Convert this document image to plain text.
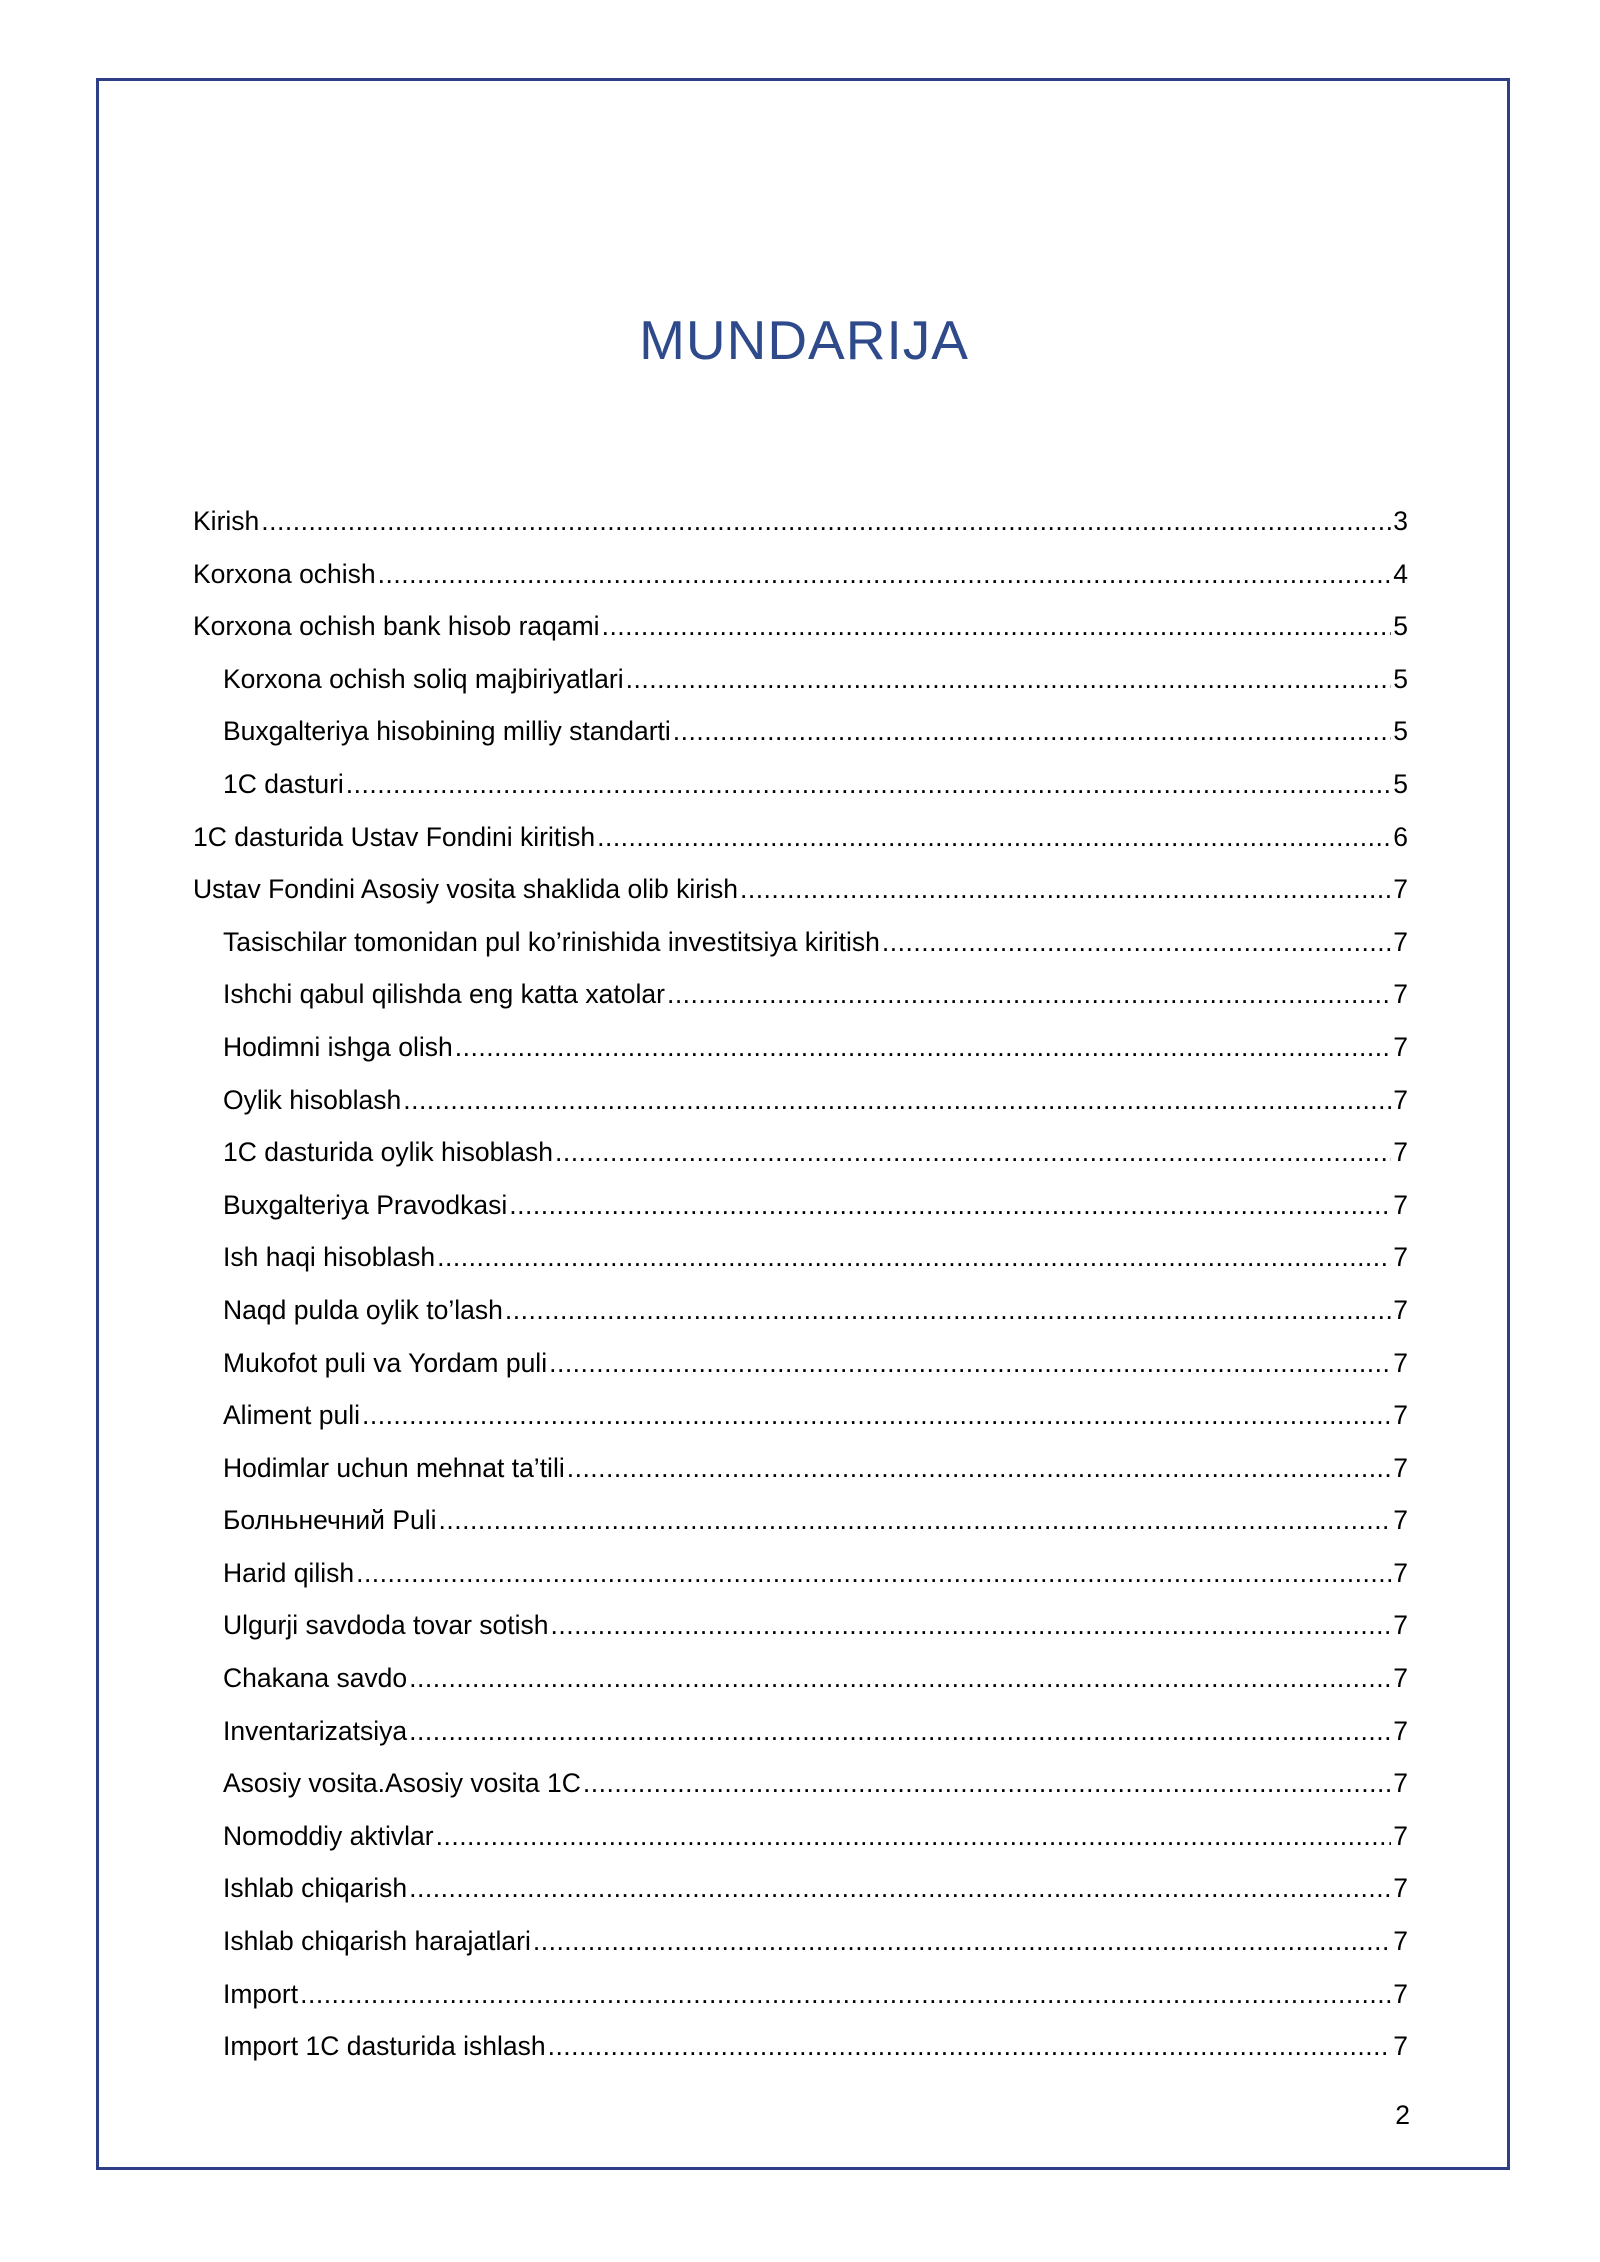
MUNDARIJA
Kirish .....	3
Korxona ochish .....	4
Korxona ochish bank hisob raqami .....	5
Korxona ochish soliq majbiriyatlari .....	5
Buxgalteriya hisobining milliy standarti .....	5
1C dasturi .....	5
1C dasturida Ustav Fondini kiritish .....	6
Ustav Fondini Asosiy vosita shaklida olib kirish .....	7
Tasischilar tomonidan pul ko’rinishida investitsiya kiritish .....	7
Ishchi qabul qilishda eng katta xatolar .....	7
Hodimni ishga olish .....	7
Oylik hisoblash .....	7
1C dasturida oylik hisoblash .....	7
Buxgalteriya Pravodkasi .....	7
Ish haqi hisoblash .....	7
Naqd pulda oylik to’lash .....	7
Mukofot puli va Yordam puli .....	7
Aliment puli .....	7
Hodimlar uchun mehnat ta’tili .....	7
Болньнечний Puli .....	7
Harid qilish .....	7
Ulgurji savdoda tovar sotish .....	7
Chakana savdo .....	7
Inventarizatsiya .....	7
Asosiy vosita.Asosiy vosita 1C .....	7
Nomoddiy aktivlar .....	7
Ishlab chiqarish .....	7
Ishlab chiqarish harajatlari .....	7
Import .....	7
Import 1C dasturida ishlash .....	7
2
